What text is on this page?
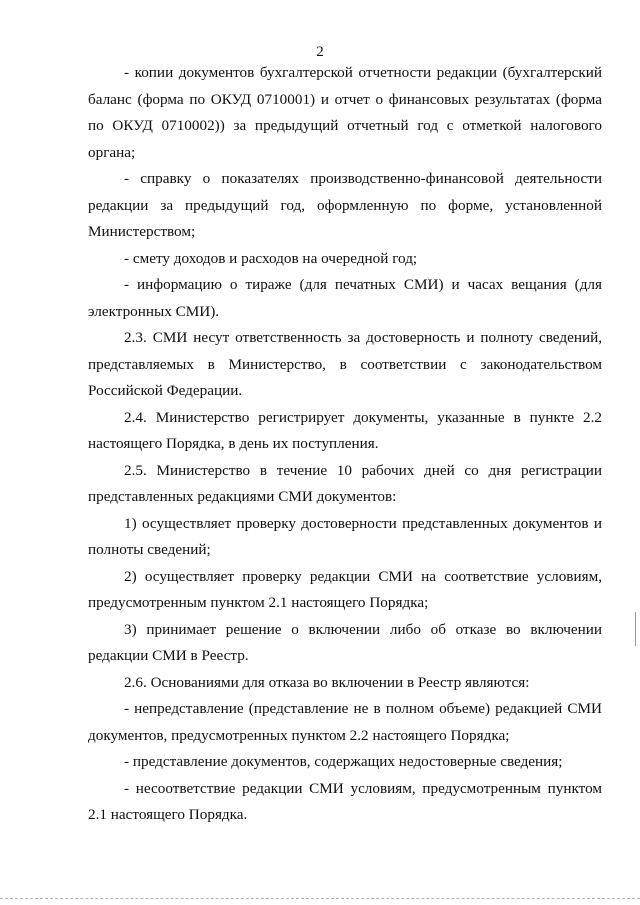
2

- копии документов бухгалтерской отчетности редакции (бухгалтерский баланс (форма по ОКУД 0710001) и отчет о финансовых результатах (форма по ОКУД 0710002)) за предыдущий отчетный год с отметкой налогового органа;

- справку о показателях производственно-финансовой деятельности редакции за предыдущий год, оформленную по форме, установленной Министерством;

- смету доходов и расходов на очередной год;

- информацию о тираже (для печатных СМИ) и часах вещания (для электронных СМИ).

2.3. СМИ несут ответственность за достоверность и полноту сведений, представляемых в Министерство, в соответствии с законодательством Российской Федерации.

2.4. Министерство регистрирует документы, указанные в пункте 2.2 настоящего Порядка, в день их поступления.

2.5. Министерство в течение 10 рабочих дней со дня регистрации представленных редакциями СМИ документов:

1) осуществляет проверку достоверности представленных документов и полноты сведений;

2) осуществляет проверку редакции СМИ на соответствие условиям, предусмотренным пунктом 2.1 настоящего Порядка;

3) принимает решение о включении либо об отказе во включении редакции СМИ в Реестр.

2.6. Основаниями для отказа во включении в Реестр являются:

- непредставление (представление не в полном объеме) редакцией СМИ документов, предусмотренных пунктом 2.2 настоящего Порядка;

- представление документов, содержащих недостоверные сведения;

- несоответствие редакции СМИ условиям, предусмотренным пунктом 2.1 настоящего Порядка.
